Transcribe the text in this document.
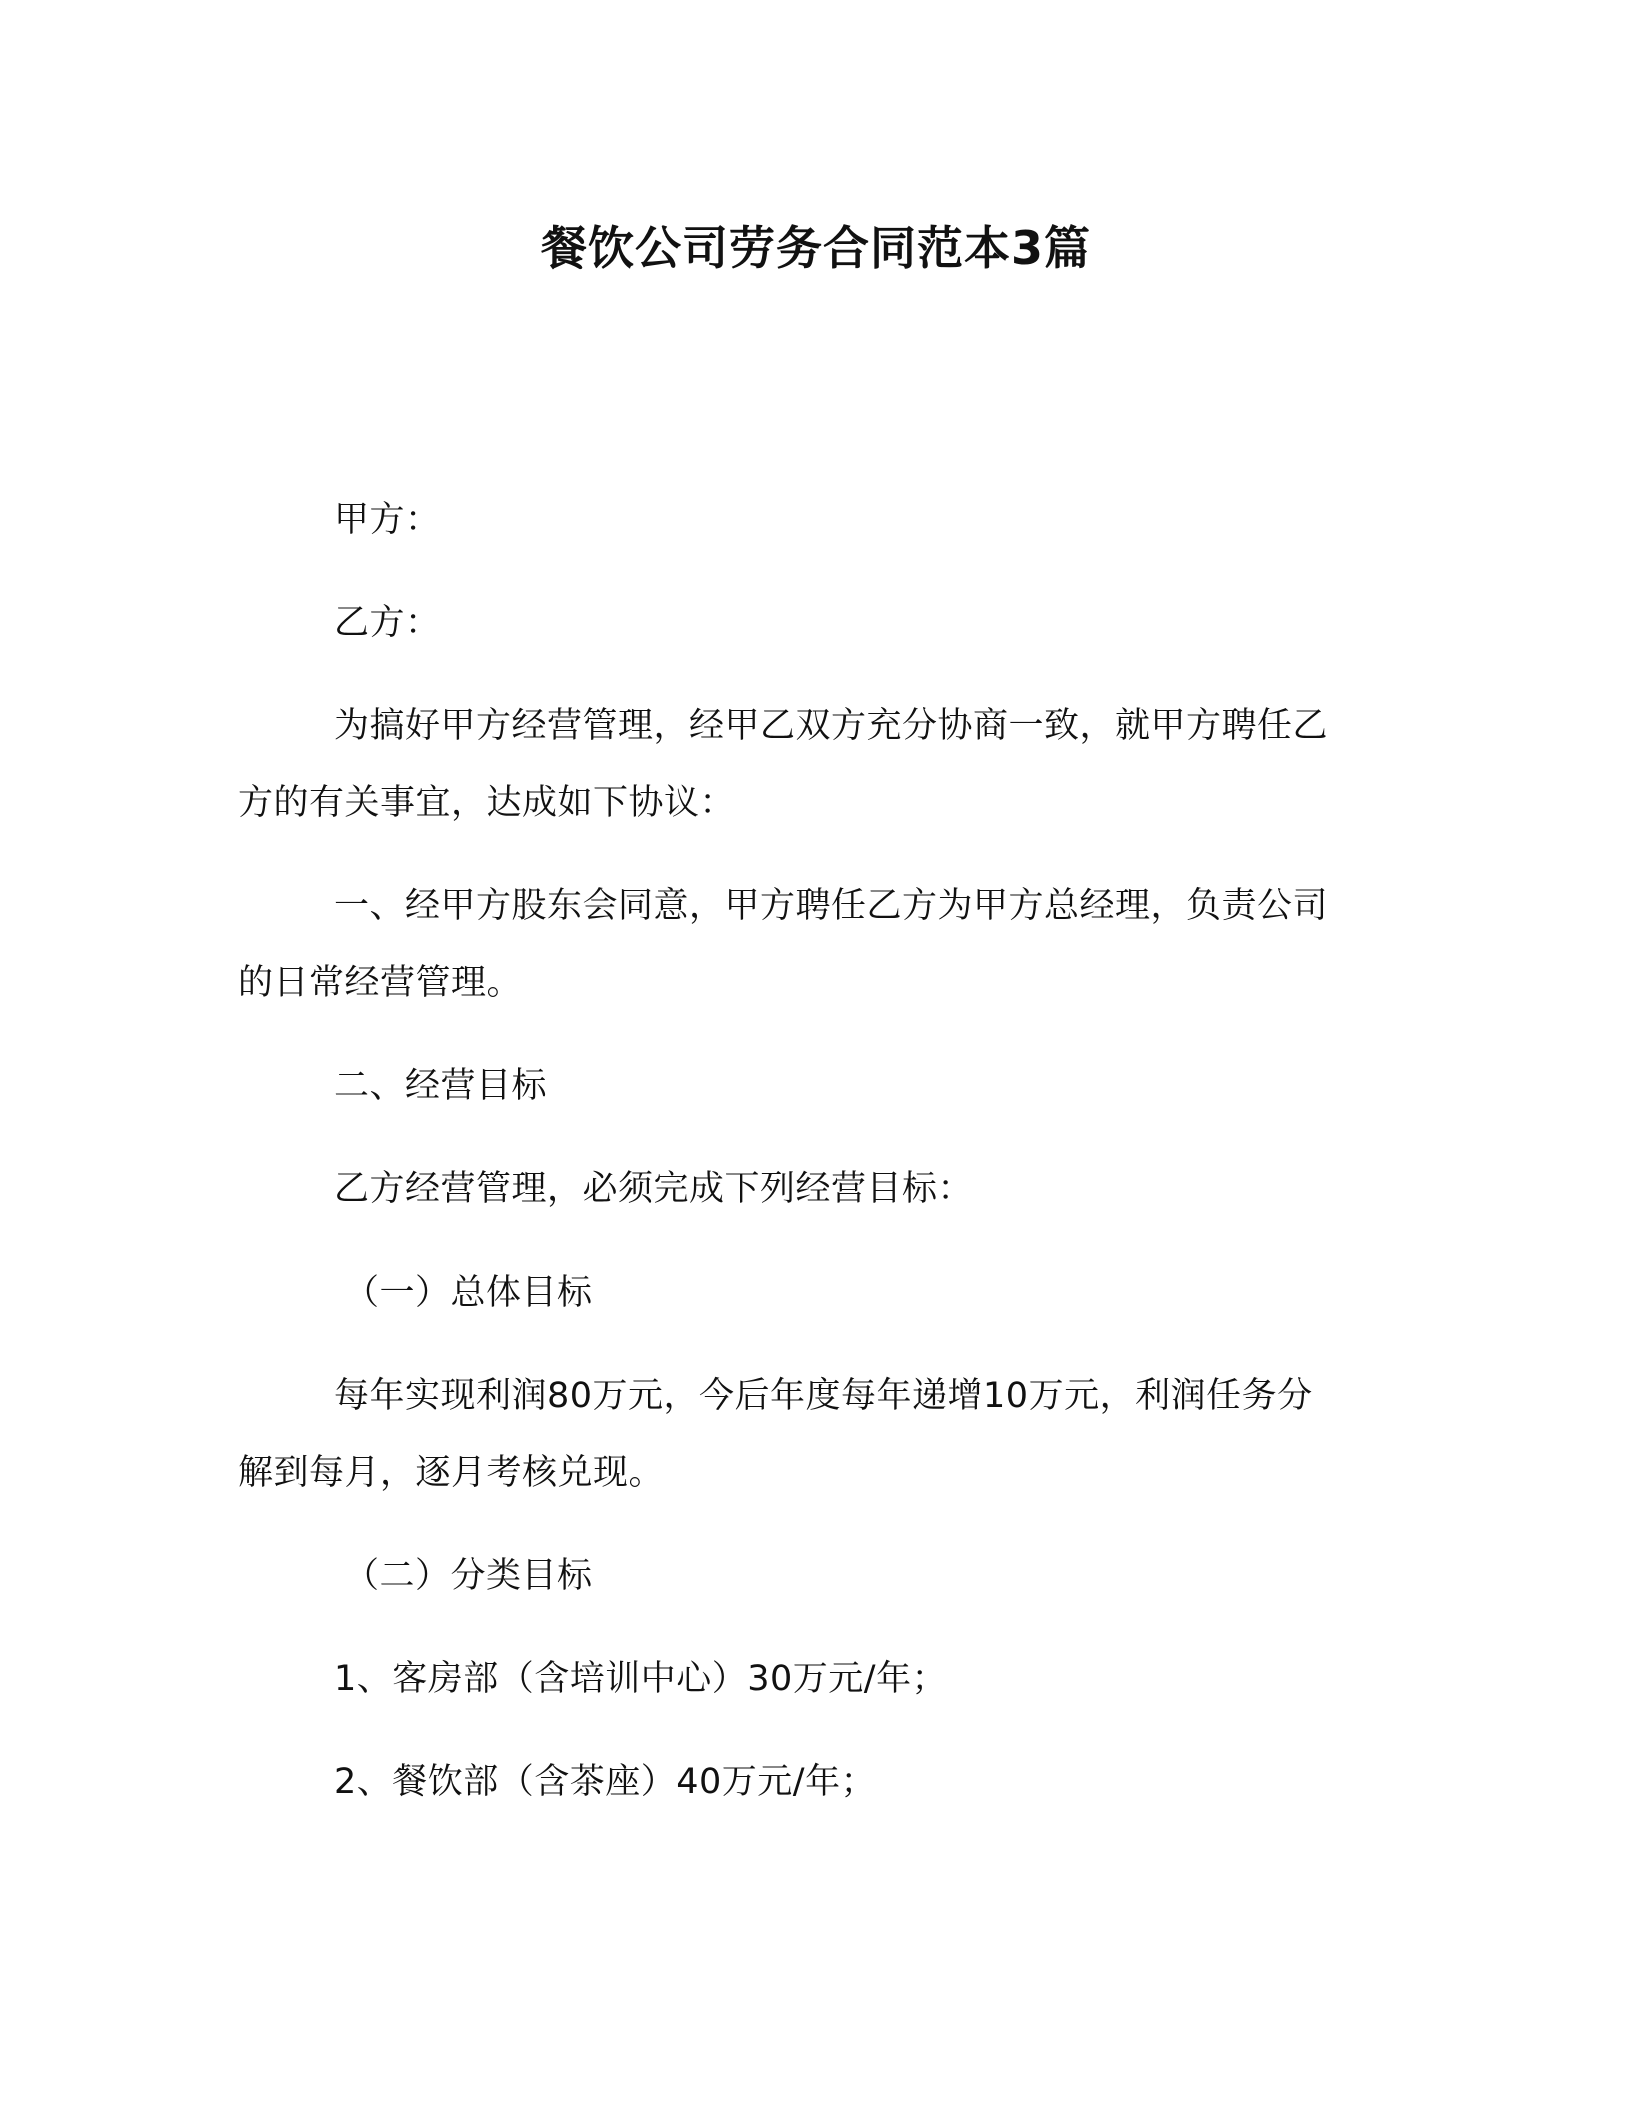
餐饮公司劳务合同范本3篇
甲方：
乙方：
为搞好甲方经营管理，经甲乙双方充分协商一致，就甲方聘任乙
方的有关事宜，达成如下协议：
一、经甲方股东会同意，甲方聘任乙方为甲方总经理，负责公司
的日常经营管理。
二、经营目标
乙方经营管理，必须完成下列经营目标：
（一）总体目标
每年实现利润80万元，今后年度每年递增10万元，利润任务分
解到每月，逐月考核兑现。
（二）分类目标
1、客房部（含培训中心）30万元/年；
2、餐饮部（含茶座）40万元/年；
